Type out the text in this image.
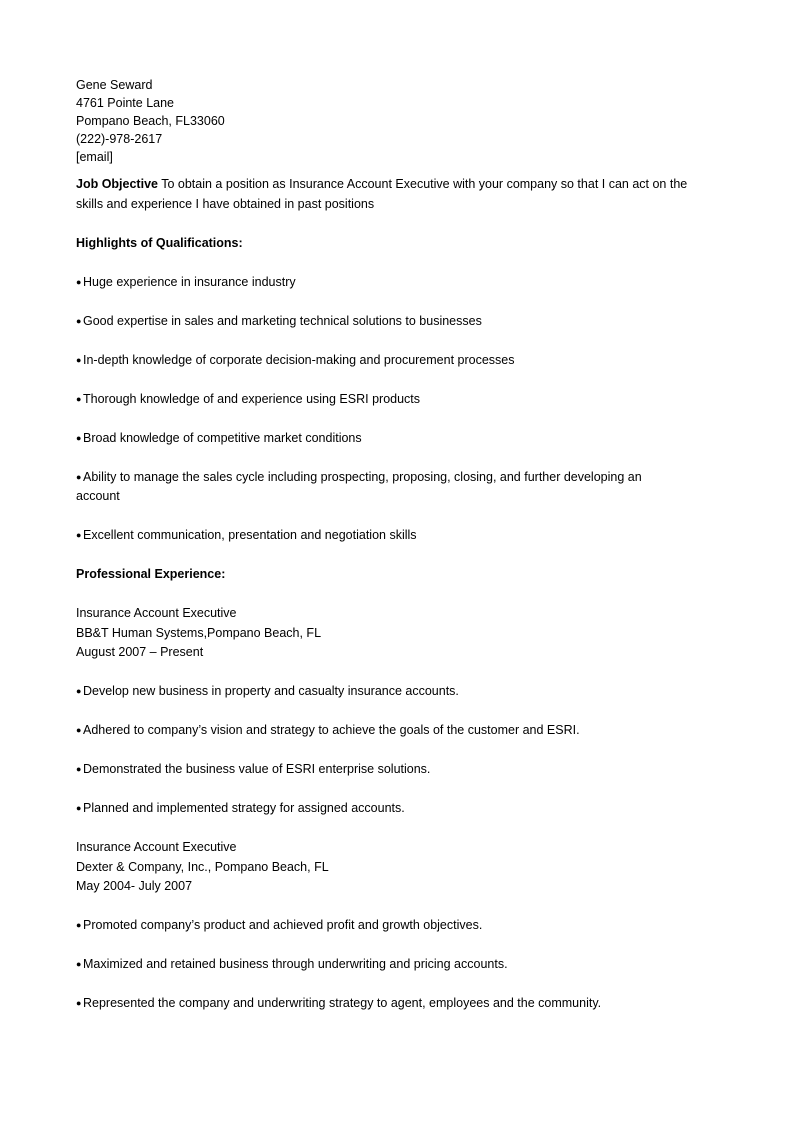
Gene Seward

4761 Pointe Lane

Pompano Beach, FL33060

(222)-978-2617

[email]

Job Objective To obtain a position as Insurance Account Executive with your company so that I can act on the skills and experience I have obtained in past positions

Highlights of Qualifications:

● Huge experience in insurance industry

● Good expertise in sales and marketing technical solutions to businesses

● In-depth knowledge of corporate decision-making and procurement processes

● Thorough knowledge of and experience using ESRI products

● Broad knowledge of competitive market conditions

● Ability to manage the sales cycle including prospecting, proposing, closing, and further developing an account

● Excellent communication, presentation and negotiation skills

Professional Experience:

Insurance Account Executive

BB&T Human Systems,Pompano Beach, FL

August 2007 – Present

● Develop new business in property and casualty insurance accounts.

● Adhered to company’s vision and strategy to achieve the goals of the customer and ESRI.

● Demonstrated the business value of ESRI enterprise solutions.

● Planned and implemented strategy for assigned accounts.

Insurance Account Executive

Dexter & Company, Inc., Pompano Beach, FL

May 2004- July 2007

● Promoted company’s product and achieved profit and growth objectives.

● Maximized and retained business through underwriting and pricing accounts.

● Represented the company and underwriting strategy to agent, employees and the community.
